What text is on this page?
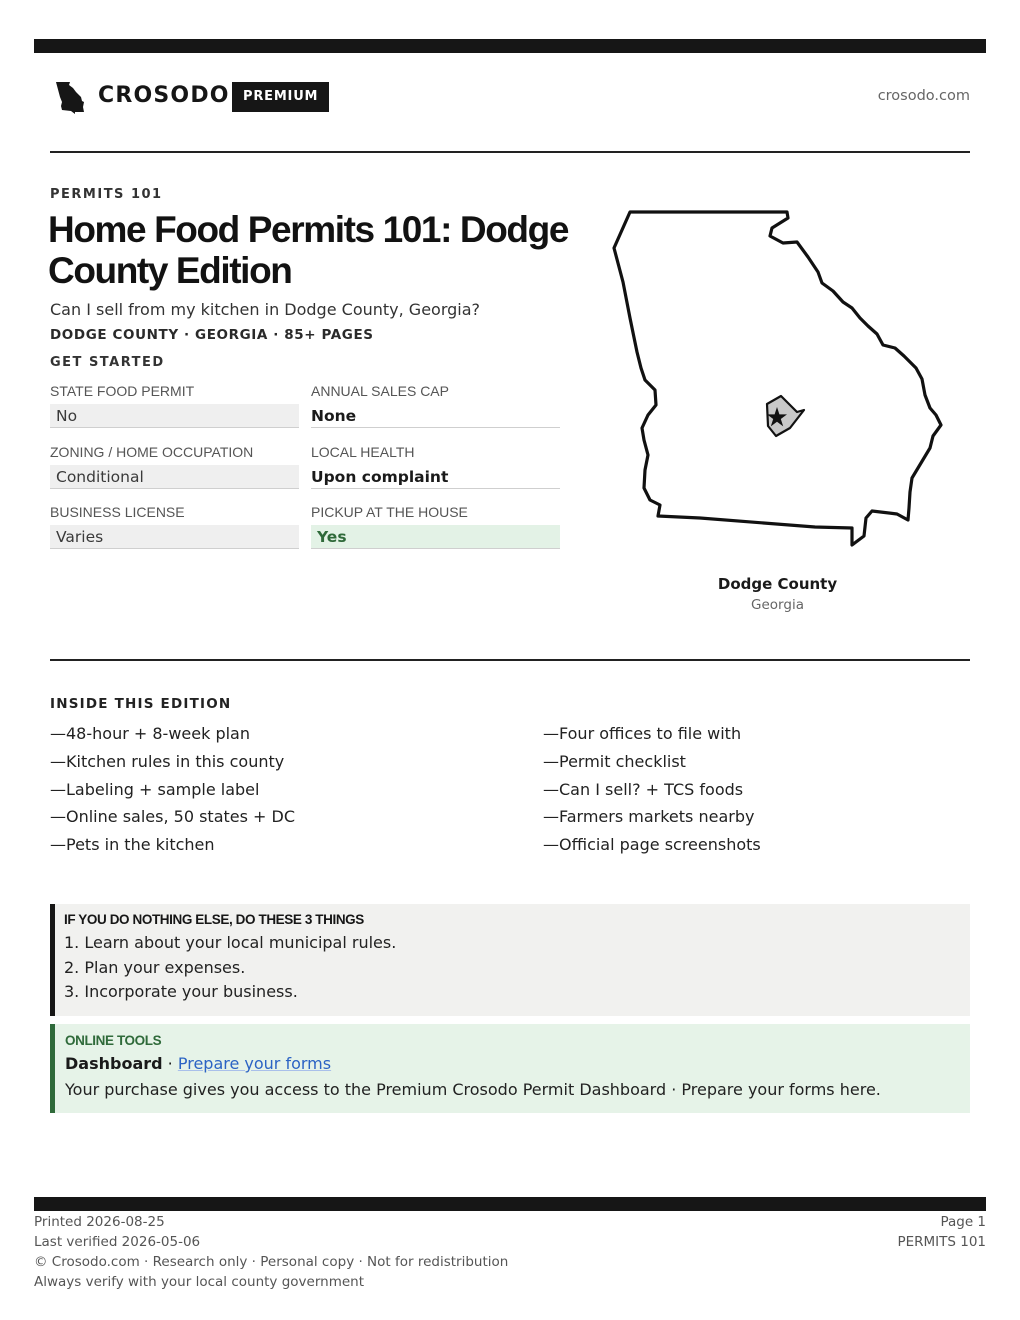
CROSODO	PREMIUM	crosodo.com
PERMITS 101
Home Food Permits 101: Dodge County Edition
Can I sell from my kitchen in Dodge County, Georgia?
DODGE COUNTY · GEORGIA · 85+ PAGES
GET STARTED
STATE FOOD PERMIT
No
ANNUAL SALES CAP
None
ZONING / HOME OCCUPATION
Conditional
LOCAL HEALTH
Upon complaint
BUSINESS LICENSE
Varies
PICKUP AT THE HOUSE
Yes
Dodge County
Georgia
INSIDE THIS EDITION
—48-hour + 8-week plan
—Kitchen rules in this county
—Labeling + sample label
—Online sales, 50 states + DC
—Pets in the kitchen
—Four offices to file with
—Permit checklist
—Can I sell? + TCS foods
—Farmers markets nearby
—Official page screenshots
IF YOU DO NOTHING ELSE, DO THESE 3 THINGS
1. Learn about your local municipal rules.
2. Plan your expenses.
3. Incorporate your business.
ONLINE TOOLS
Dashboard · Prepare your forms
Your purchase gives you access to the Premium Crosodo Permit Dashboard · Prepare your forms here.
Printed 2026-08-25
Last verified 2026-05-06
© Crosodo.com · Research only · Personal copy · Not for redistribution
Always verify with your local county government
Page 1
PERMITS 101
